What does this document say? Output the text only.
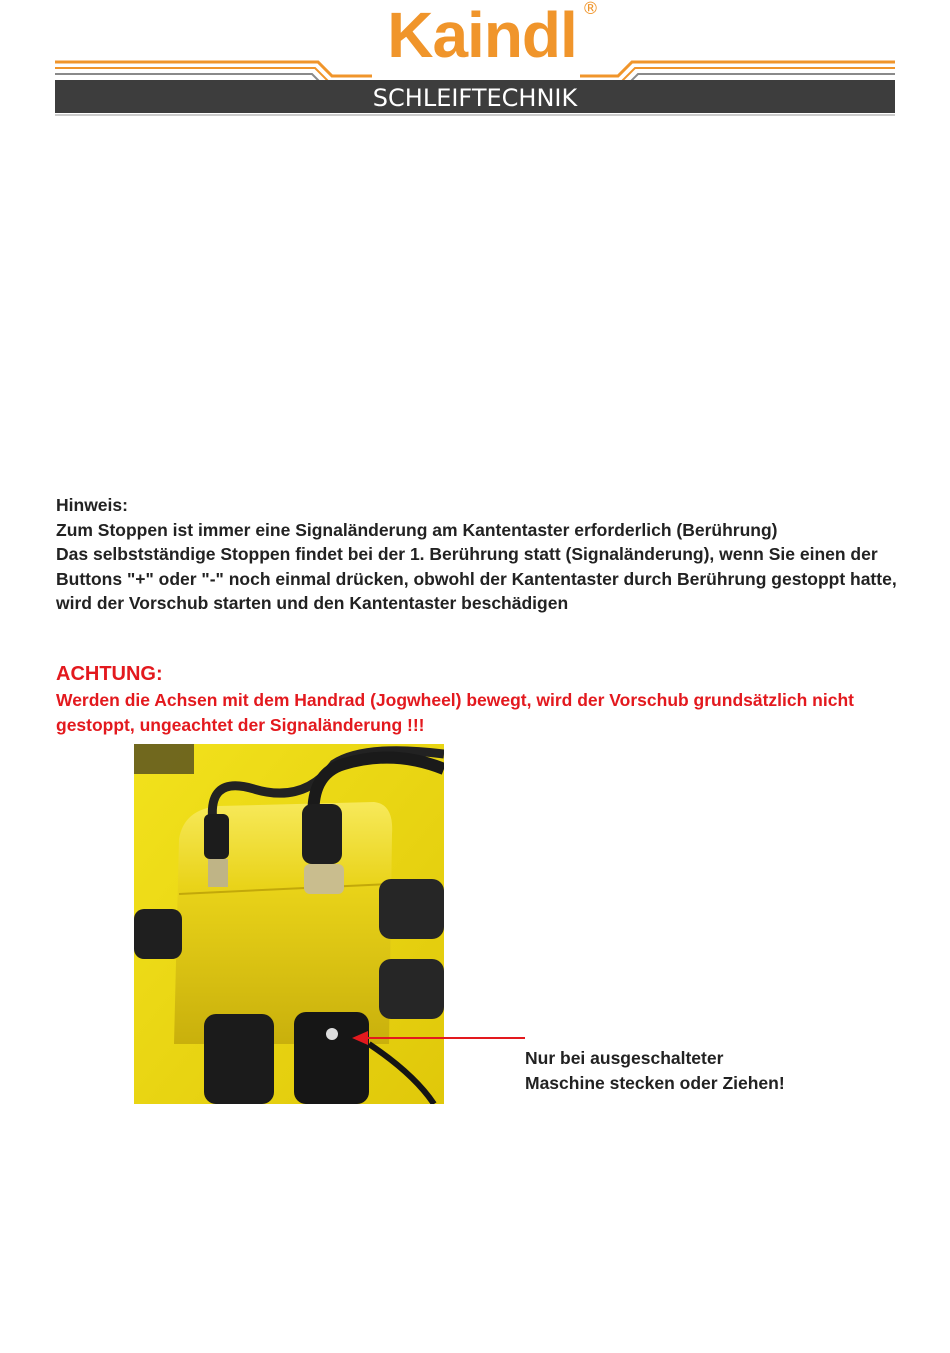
Kaindl ®
SCHLEIFTECHNIK

Hinweis:

Zum Stoppen ist immer eine Signaländerung am Kantentaster erforderlich (Berührung)

Das selbstständige Stoppen findet bei der 1. Berührung statt (Signaländerung), wenn Sie einen der Buttons "+" oder "-" noch einmal drücken, obwohl der Kantentaster durch Berührung gestoppt hatte, wird der Vorschub starten und den Kantentaster beschädigen

ACHTUNG:
Werden die Achsen mit dem Handrad (Jogwheel) bewegt, wird der Vorschub grundsätzlich nicht gestoppt, ungeachtet der Signaländerung !!!
Nur bei ausgeschalteter
Maschine stecken oder Ziehen!
